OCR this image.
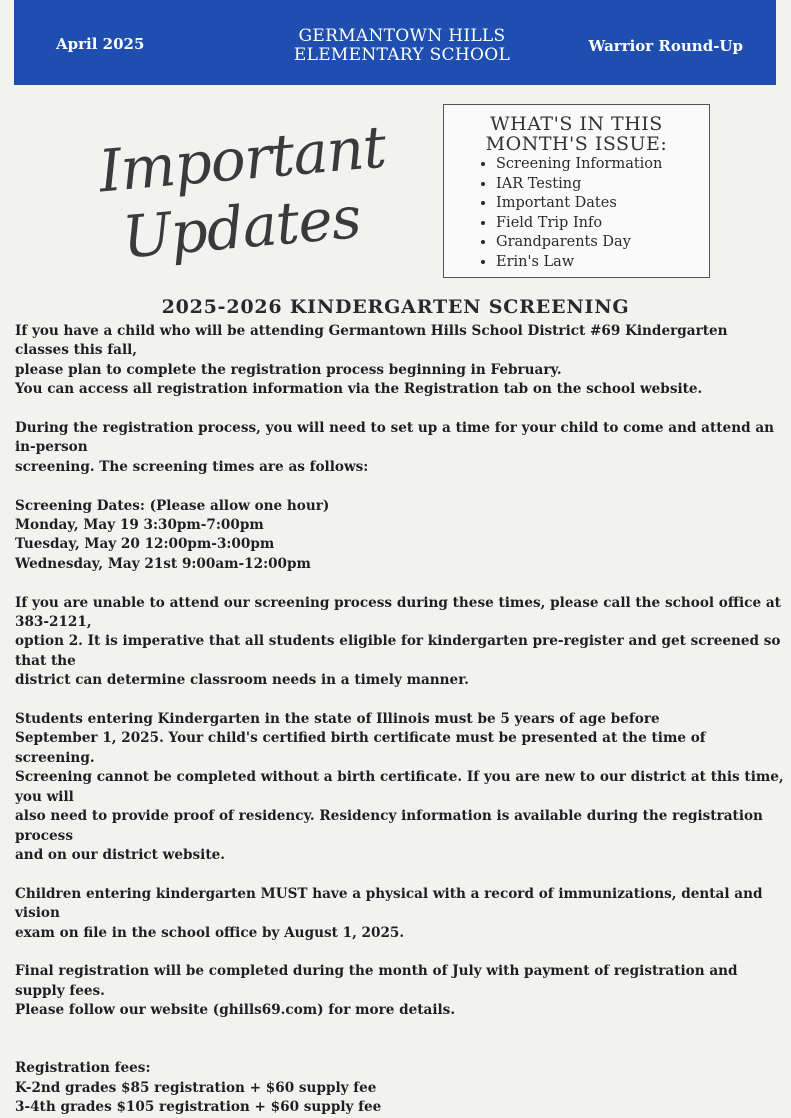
April 2025	GERMANTOWN HILLS
ELEMENTARY SCHOOL	Warrior Round-Up
Important
Updates
WHAT'S IN THIS
MONTH'S ISSUE:
• Screening Information
• IAR Testing
• Important Dates
• Field Trip Info
• Grandparents Day
• Erin's Law
2025-2026 KINDERGARTEN SCREENING

If you have a child who will be attending Germantown Hills School District #69 Kindergarten classes this fall,

please plan to complete the registration process beginning in February.

You can access all registration information via the Registration tab on the school website.

During the registration process, you will need to set up a time for your child to come and attend an in-person

screening. The screening times are as follows:

Screening Dates: (Please allow one hour)

Monday, May 19 3:30pm-7:00pm

Tuesday, May 20 12:00pm-3:00pm

Wednesday, May 21st 9:00am-12:00pm

If you are unable to attend our screening process during these times, please call the school office at 383-2121,

option 2. It is imperative that all students eligible for kindergarten pre-register and get screened so that the

district can determine classroom needs in a timely manner.

Students entering Kindergarten in the state of Illinois must be 5 years of age before

September 1, 2025. Your child's certified birth certificate must be presented at the time of screening.

Screening cannot be completed without a birth certificate. If you are new to our district at this time, you will

also need to provide proof of residency. Residency information is available during the registration process

and on our district website.

Children entering kindergarten MUST have a physical with a record of immunizations, dental and vision

exam on file in the school office by August 1, 2025.

Final registration will be completed during the month of July with payment of registration and supply fees.

Please follow our website (ghills69.com) for more details.

Registration fees:

K-2nd grades $85 registration + $60 supply fee

3-4th grades $105 registration + $60 supply fee
